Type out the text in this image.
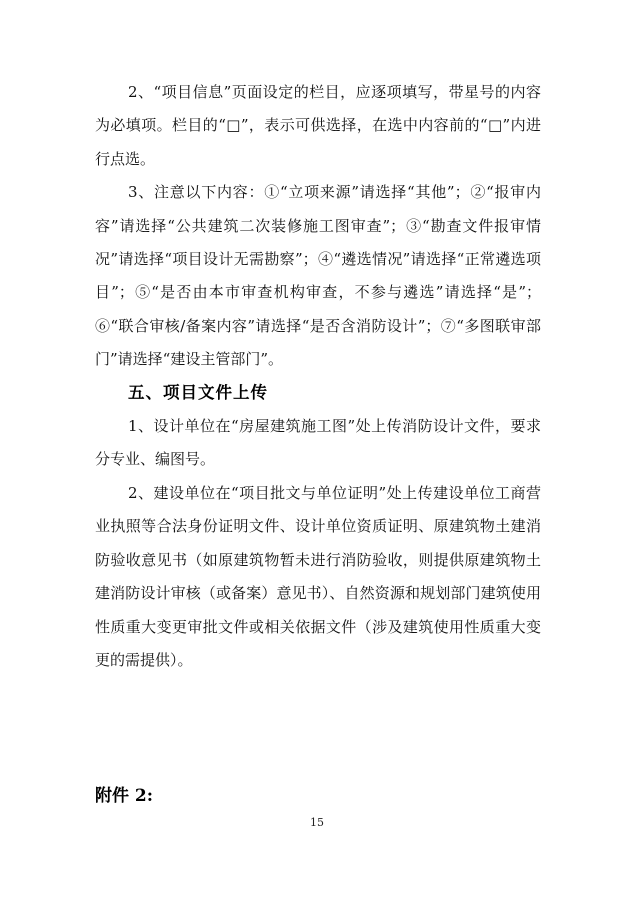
2、“项目信息”页面设定的栏目，应逐项填写，带星号的内容为必填项。栏目的“□”，表示可供选择，在选中内容前的“□”内进行点选。

3、注意以下内容：①“立项来源”请选择“其他”；②“报审内容”请选择“公共建筑二次装修施工图审查”；③“勘查文件报审情况”请选择“项目设计无需勘察”；④“遴选情况”请选择“正常遴选项目”；⑤“是否由本市审查机构审查，不参与遴选”请选择“是”；⑥“联合审核/备案内容”请选择“是否含消防设计”；⑦“多图联审部门”请选择“建设主管部门”。

五、项目文件上传

1、设计单位在“房屋建筑施工图”处上传消防设计文件，要求分专业、编图号。

2、建设单位在“项目批文与单位证明”处上传建设单位工商营业执照等合法身份证明文件、设计单位资质证明、原建筑物土建消防验收意见书（如原建筑物暂未进行消防验收，则提供原建筑物土建消防设计审核（或备案）意见书）、自然资源和规划部门建筑使用性质重大变更审批文件或相关依据文件（涉及建筑使用性质重大变更的需提供）。

附件 2:
15
